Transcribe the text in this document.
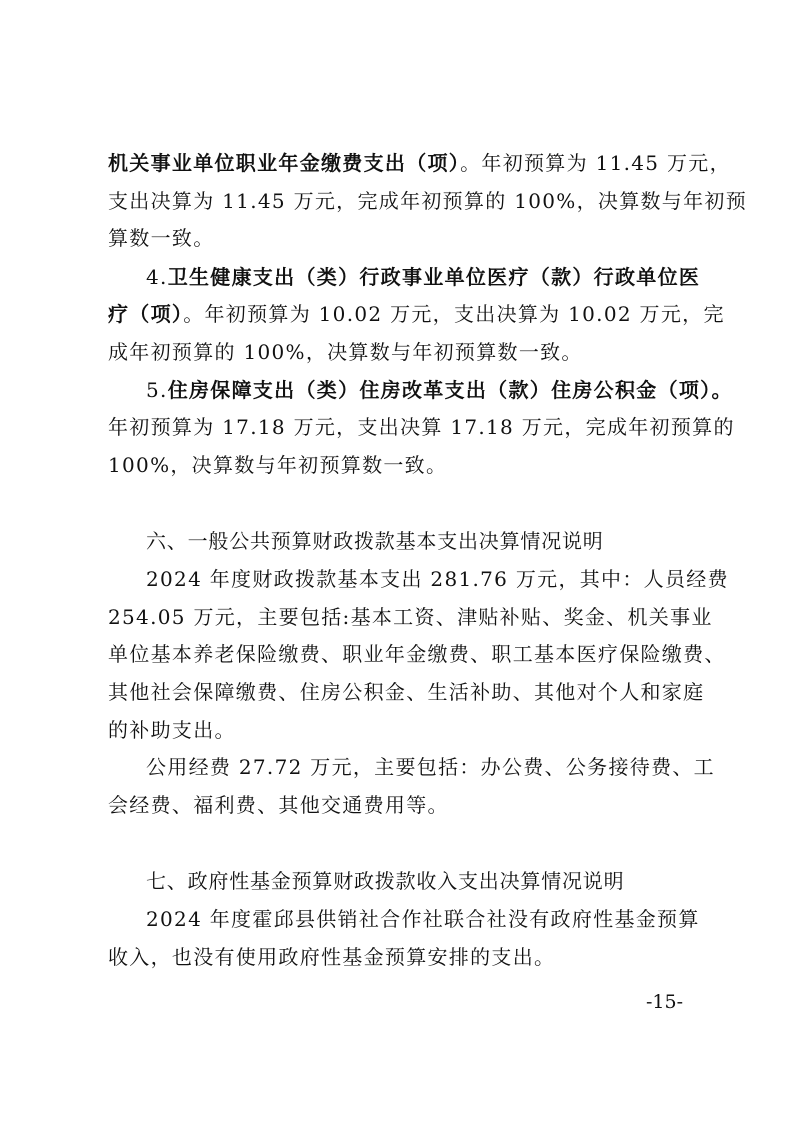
机关事业单位职业年金缴费支出（项）。年初预算为 11.45 万元，
支出决算为 11.45 万元，完成年初预算的 100%，决算数与年初预
算数一致。
4.卫生健康支出（类）行政事业单位医疗（款）行政单位医
疗（项）。年初预算为 10.02 万元，支出决算为 10.02 万元，完
成年初预算的 100%，决算数与年初预算数一致。
5.住房保障支出（类）住房改革支出（款）住房公积金（项）。
年初预算为 17.18 万元，支出决算 17.18 万元，完成年初预算的
100%，决算数与年初预算数一致。
六、一般公共预算财政拨款基本支出决算情况说明
2024 年度财政拨款基本支出 281.76 万元，其中：人员经费
254.05 万元，主要包括:基本工资、津贴补贴、奖金、机关事业
单位基本养老保险缴费、职业年金缴费、职工基本医疗保险缴费、
其他社会保障缴费、住房公积金、生活补助、其他对个人和家庭
的补助支出。
公用经费 27.72 万元，主要包括：办公费、公务接待费、工
会经费、福利费、其他交通费用等。
七、政府性基金预算财政拨款收入支出决算情况说明
2024 年度霍邱县供销社合作社联合社没有政府性基金预算
收入，也没有使用政府性基金预算安排的支出。
-15-
